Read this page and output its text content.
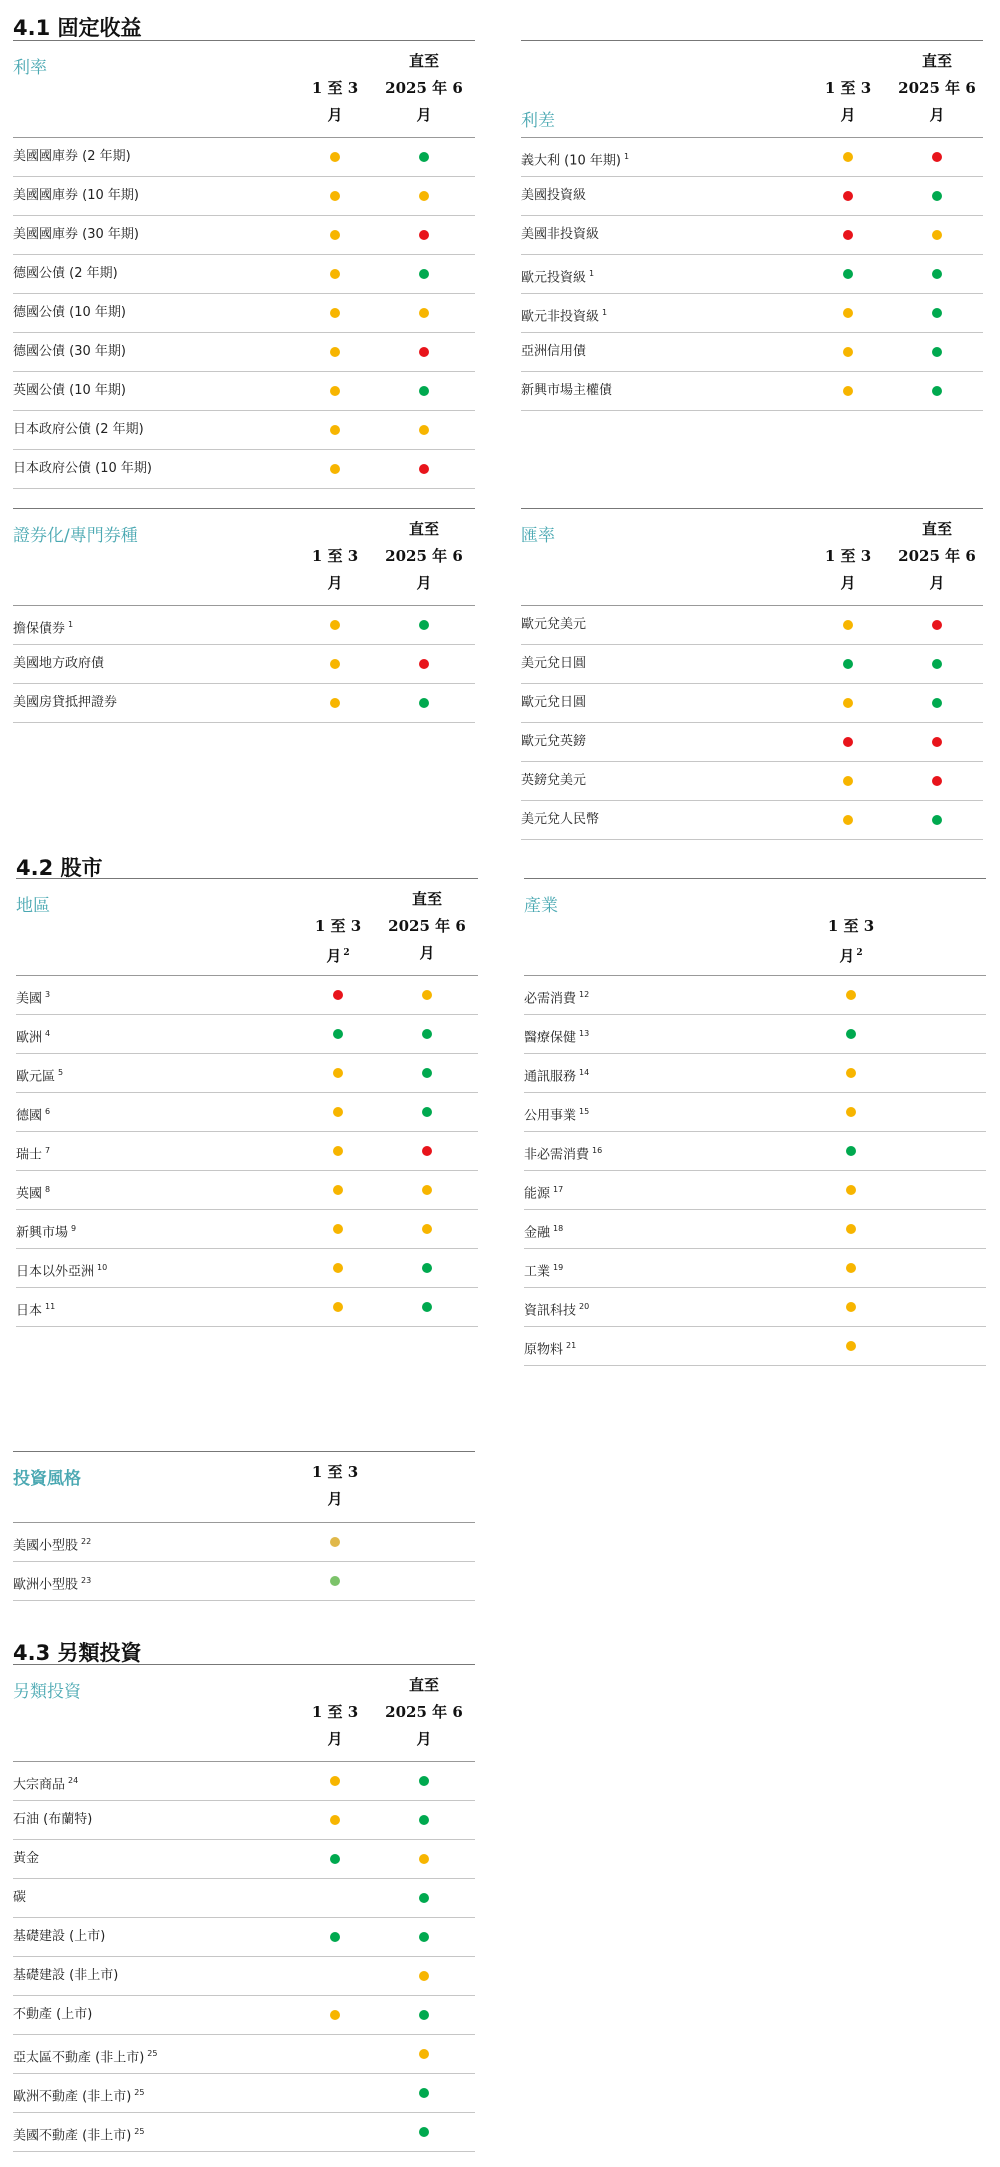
4.1 固定收益
4.2 股市
4.3 另類投資
利率
1 至 3
月
直至
2025 年 6
月
美國國庫券 (2 年期)
美國國庫券 (10 年期)
美國國庫券 (30 年期)
德國公債 (2 年期)
德國公債 (10 年期)
德國公債 (30 年期)
英國公債 (10 年期)
日本政府公債 (2 年期)
日本政府公債 (10 年期)
利差
1 至 3
月
直至
2025 年 6
月
義大利 (10 年期) $^1$
美國投資級
美國非投資級
歐元投資級 $^1$
歐元非投資級 $^1$
亞洲信用債
新興市場主權債
證券化/專門券種
1 至 3
月
直至
2025 年 6
月
擔保債券 $^1$
美國地方政府債
美國房貸抵押證券
匯率
1 至 3
月
直至
2025 年 6
月
歐元兌美元
美元兌日圓
歐元兌日圓
歐元兌英鎊
英鎊兌美元
美元兌人民幣
地區
1 至 3
月 $^2$
直至
2025 年 6
月
美國 $^3$
歐洲 $^4$
歐元區 $^5$
德國 $^6$
瑞士 $^7$
英國 $^8$
新興市場 $^9$
日本以外亞洲 $^{10}$
日本 $^{11}$
產業
1 至 3
月 $^2$
必需消費 $^{12}$
醫療保健 $^{13}$
通訊服務 $^{14}$
公用事業 $^{15}$
非必需消費 $^{16}$
能源 $^{17}$
金融 $^{18}$
工業 $^{19}$
資訊科技 $^{20}$
原物料 $^{21}$
投資風格	1 至 3
月
美國小型股 $^{22}$
歐洲小型股 $^{23}$
另類投資
1 至 3
月
直至
2025 年 6
月
大宗商品 $^{24}$
石油 (布蘭特)
黃金
碳
基礎建設 (上市)
基礎建設 (非上市)
不動產 (上市)
亞太區不動產 (非上市) $^{25}$
歐洲不動產 (非上市) $^{25}$
美國不動產 (非上市) $^{25}$
